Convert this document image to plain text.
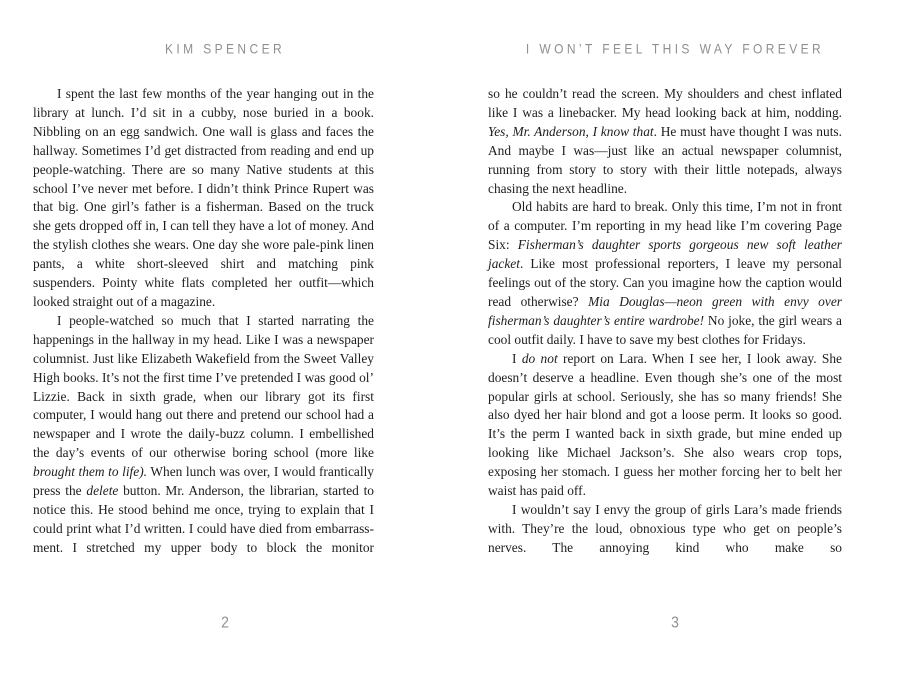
KIM SPENCER

I spent the last few months of the year hanging out in the library at lunch. I’d sit in a cubby, nose buried in a book. Nibbling on an egg sandwich. One wall is glass and faces the hallway. Sometimes I’d get distracted from reading and end up people-watching. There are so many Native students at this school I’ve never met before. I didn’t think Prince Rupert was that big. One girl’s father is a fisherman. Based on the truck she gets dropped off in, I can tell they have a lot of money. And the stylish clothes she wears. One day she wore pale-pink linen pants, a white short-sleeved shirt and matching pink suspenders. Pointy white flats completed her outfit—which looked straight out of a magazine.

I people-watched so much that I started narrating the happenings in the hallway in my head. Like I was a newspaper columnist. Just like Elizabeth Wakefield from the Sweet Valley High books. It’s not the first time I’ve pretended I was good ol’ Lizzie. Back in sixth grade, when our library got its first computer, I would hang out there and pretend our school had a newspaper and I wrote the daily-buzz column. I embellished the day’s events of our otherwise boring school (more like brought them to life). When lunch was over, I would frantically press the delete button. Mr. Anderson, the librarian, started to notice this. He stood behind me once, trying to explain that I could print what I’d written. I could have died from embarrassment. I stretched my upper body to block the monitor

2
I WON’T FEEL THIS WAY FOREVER

so he couldn’t read the screen. My shoulders and chest inflated like I was a linebacker. My head looking back at him, nodding. Yes, Mr. Anderson, I know that. He must have thought I was nuts. And maybe I was—just like an actual newspaper columnist, running from story to story with their little notepads, always chasing the next headline.

Old habits are hard to break. Only this time, I’m not in front of a computer. I’m reporting in my head like I’m covering Page Six: Fisherman’s daughter sports gorgeous new soft leather jacket. Like most professional reporters, I leave my personal feelings out of the story. Can you imagine how the caption would read otherwise? Mia Douglas—neon green with envy over fisherman’s daughter’s entire wardrobe! No joke, the girl wears a cool outfit daily. I have to save my best clothes for Fridays.

I do not report on Lara. When I see her, I look away. She doesn’t deserve a headline. Even though she’s one of the most popular girls at school. Seriously, she has so many friends! She also dyed her hair blond and got a loose perm. It looks so good. It’s the perm I wanted back in sixth grade, but mine ended up looking like Michael Jackson’s. She also wears crop tops, exposing her stomach. I guess her mother forcing her to belt her waist has paid off.

I wouldn’t say I envy the group of girls Lara’s made friends with. They’re the loud, obnoxious type who get on people’s nerves. The annoying kind who make so

3
